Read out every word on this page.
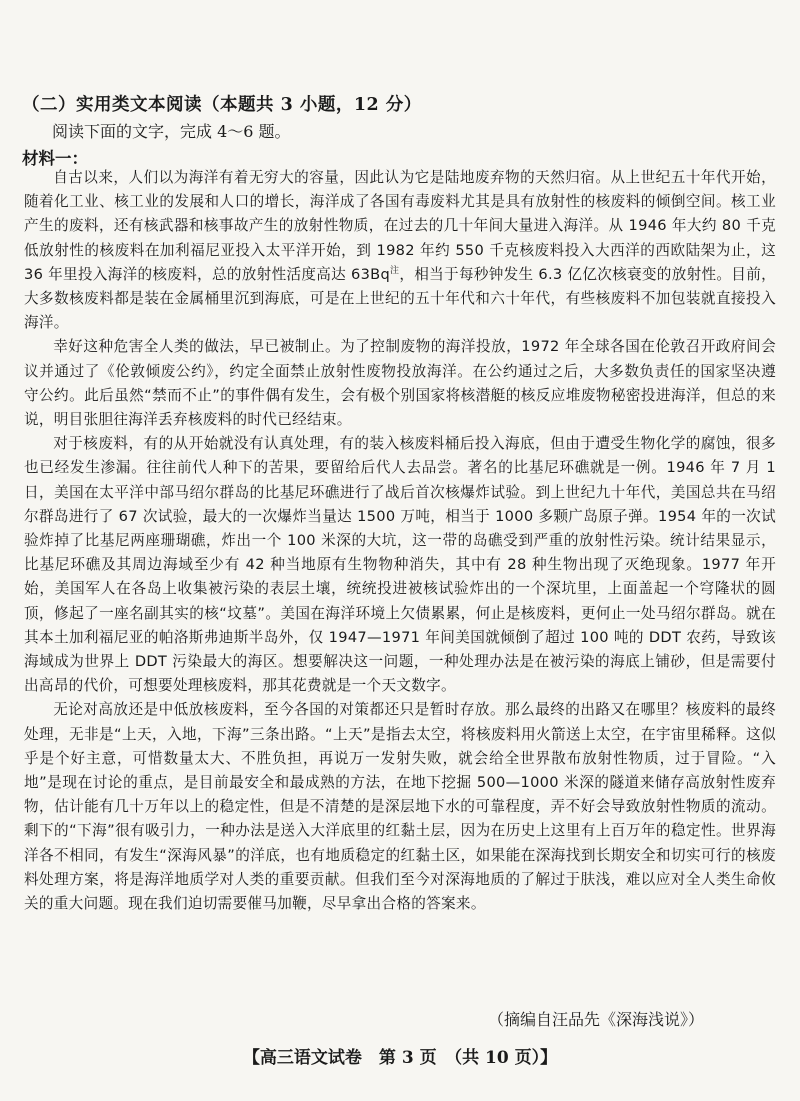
（二）实用类文本阅读（本题共 3 小题，12 分）
阅读下面的文字，完成 4～6 题。
材料一：

自古以来，人们以为海洋有着无穷大的容量，因此认为它是陆地废弃物的天然归宿。从上世纪五十年代开始，随着化工业、核工业的发展和人口的增长，海洋成了各国有毒废料尤其是具有放射性的核废料的倾倒空间。核工业产生的废料，还有核武器和核事故产生的放射性物质，在过去的几十年间大量进入海洋。从 1946 年大约 80 千克低放射性的核废料在加利福尼亚投入太平洋开始，到 1982 年约 550 千克核废料投入大西洋的西欧陆架为止，这 36 年里投入海洋的核废料，总的放射性活度高达 $63Bq^注$，相当于每秒钟发生 6.3 亿亿次核衰变的放射性。目前，大多数核废料都是装在金属桶里沉到海底，可是在上世纪的五十年代和六十年代，有些核废料不加包装就直接投入海洋。

幸好这种危害全人类的做法，早已被制止。为了控制废物的海洋投放，1972 年全球各国在伦敦召开政府间会议并通过了《伦敦倾废公约》，约定全面禁止放射性废物投放海洋。在公约通过之后，大多数负责任的国家坚决遵守公约。此后虽然“禁而不止”的事件偶有发生，会有极个别国家将核潜艇的核反应堆废物秘密投进海洋，但总的来说，明目张胆往海洋丢弃核废料的时代已经结束。

对于核废料，有的从开始就没有认真处理，有的装入核废料桶后投入海底，但由于遭受生物化学的腐蚀，很多也已经发生渗漏。往往前代人种下的苦果，要留给后代人去品尝。著名的比基尼环礁就是一例。1946 年 7 月 1 日，美国在太平洋中部马绍尔群岛的比基尼环礁进行了战后首次核爆炸试验。到上世纪九十年代，美国总共在马绍尔群岛进行了 67 次试验，最大的一次爆炸当量达 1500 万吨，相当于 1000 多颗广岛原子弹。1954 年的一次试验炸掉了比基尼两座珊瑚礁，炸出一个 100 米深的大坑，这一带的岛礁受到严重的放射性污染。统计结果显示，比基尼环礁及其周边海域至少有 42 种当地原有生物物种消失，其中有 28 种生物出现了灭绝现象。1977 年开始，美国军人在各岛上收集被污染的表层土壤，统统投进被核试验炸出的一个深坑里，上面盖起一个穹隆状的圆顶，修起了一座名副其实的核“坟墓”。美国在海洋环境上欠债累累，何止是核废料，更何止一处马绍尔群岛。就在其本土加利福尼亚的帕洛斯弗迪斯半岛外，仅 1947—1971 年间美国就倾倒了超过 100 吨的 DDT 农药，导致该海域成为世界上 DDT 污染最大的海区。想要解决这一问题，一种处理办法是在被污染的海底上铺砂，但是需要付出高昂的代价，可想要处理核废料，那其花费就是一个天文数字。

无论对高放还是中低放核废料，至今各国的对策都还只是暂时存放。那么最终的出路又在哪里？核废料的最终处理，无非是“上天，入地，下海”三条出路。“上天”是指去太空，将核废料用火箭送上太空，在宇宙里稀释。这似乎是个好主意，可惜数量太大、不胜负担，再说万一发射失败，就会给全世界散布放射性物质，过于冒险。“入地”是现在讨论的重点，是目前最安全和最成熟的方法，在地下挖掘 500—1000 米深的隧道来储存高放射性废弃物，估计能有几十万年以上的稳定性，但是不清楚的是深层地下水的可靠程度，弄不好会导致放射性物质的流动。剩下的“下海”很有吸引力，一种办法是送入大洋底里的红黏土层，因为在历史上这里有上百万年的稳定性。世界海洋各不相同，有发生“深海风暴”的洋底，也有地质稳定的红黏土区，如果能在深海找到长期安全和切实可行的核废料处理方案，将是海洋地质学对人类的重要贡献。但我们至今对深海地质的了解过于肤浅，难以应对全人类生命攸关的重大问题。现在我们迫切需要催马加鞭，尽早拿出合格的答案来。

（摘编自汪品先《深海浅说》）
【高三语文试卷　第 3 页　（共 10 页）】
